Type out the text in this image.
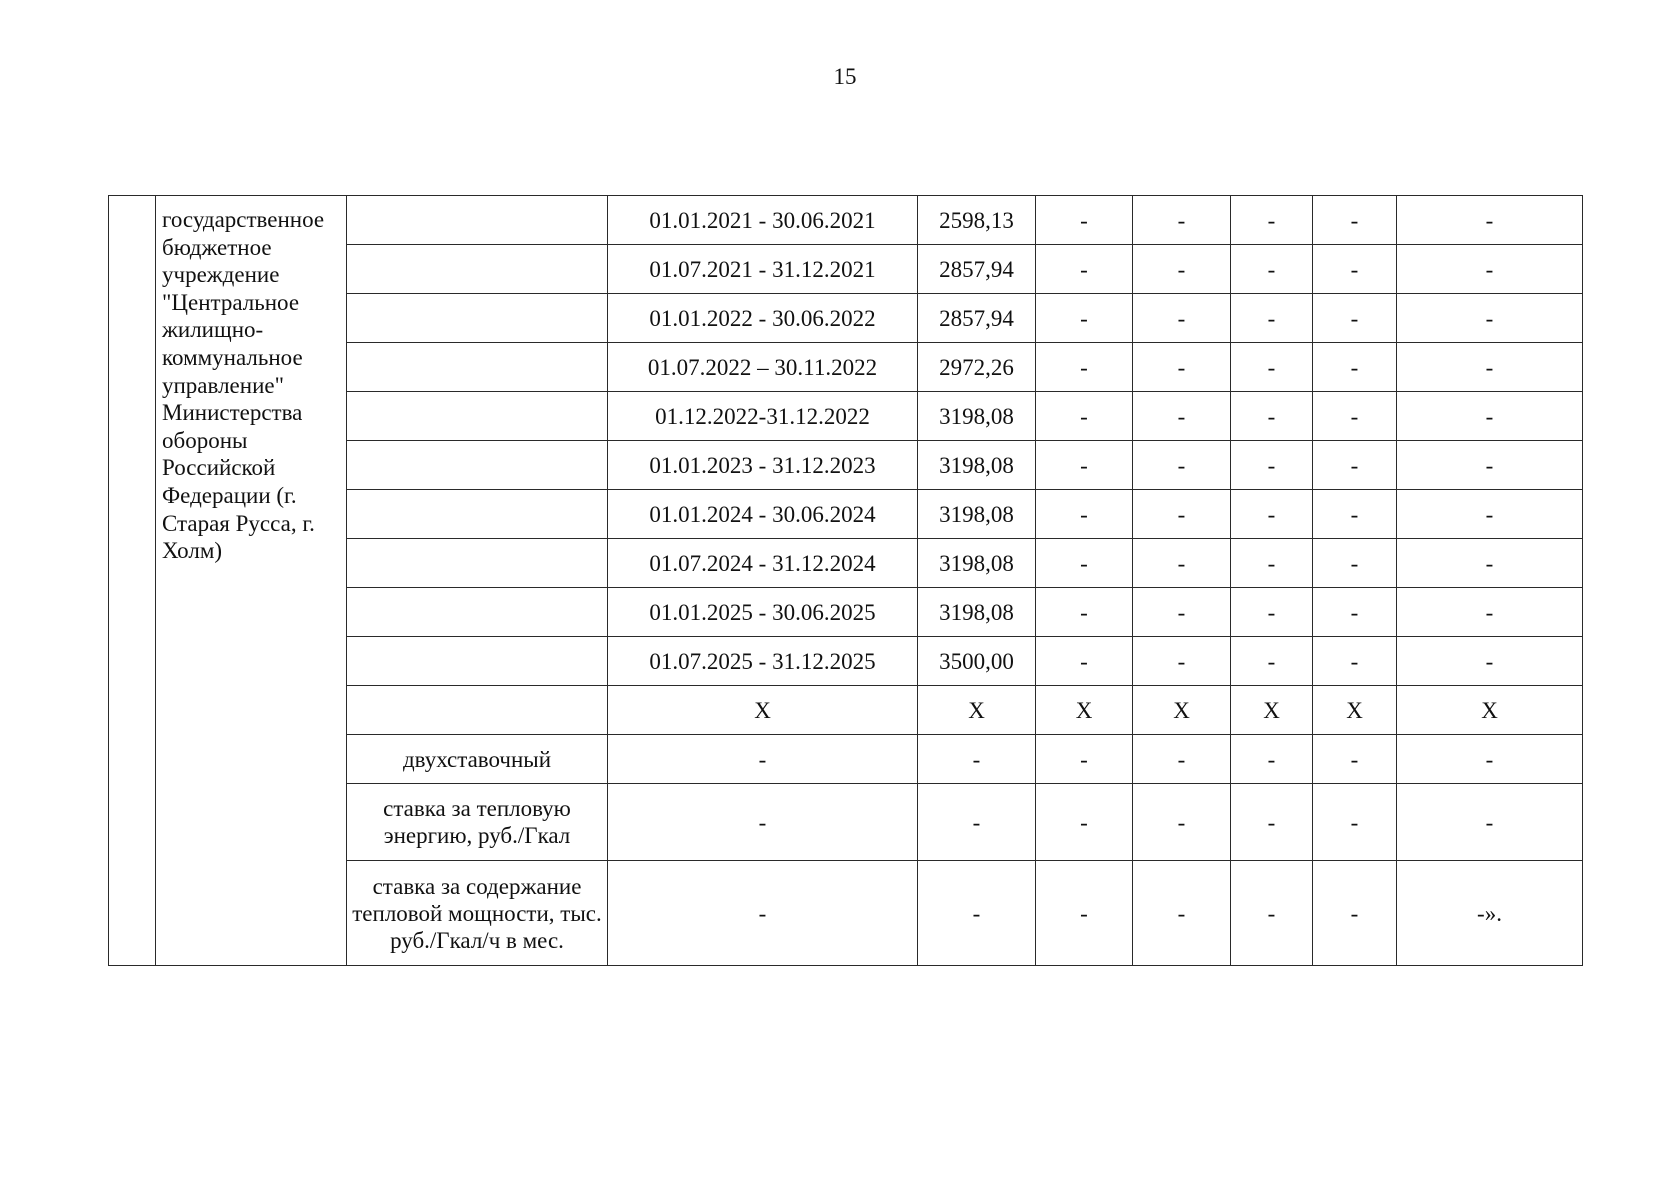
15
	государственное бюджетное учреждение "Центральное жилищно-коммунальное управление" Министерства обороны Российской Федерации (г. Старая Русса, г. Холм)		01.01.2021 - 30.06.2021	2598,13	-	-	-	-	-
			01.07.2021 - 31.12.2021	2857,94	-	-	-	-	-
			01.01.2022 - 30.06.2022	2857,94	-	-	-	-	-
			01.07.2022 – 30.11.2022	2972,26	-	-	-	-	-
			01.12.2022-31.12.2022	3198,08	-	-	-	-	-
			01.01.2023 - 31.12.2023	3198,08	-	-	-	-	-
			01.01.2024 - 30.06.2024	3198,08	-	-	-	-	-
			01.07.2024 - 31.12.2024	3198,08	-	-	-	-	-
			01.01.2025 - 30.06.2025	3198,08	-	-	-	-	-
			01.07.2025 - 31.12.2025	3500,00	-	-	-	-	-
			X	X	X	X	X	X	X
		двухставочный	-	-	-	-	-	-	-
		ставка за тепловую энергию, руб./Гкал	-	-	-	-	-	-	-
		ставка за содержание тепловой мощности, тыс. руб./Гкал/ч в мес.	-	-	-	-	-	-	-».
